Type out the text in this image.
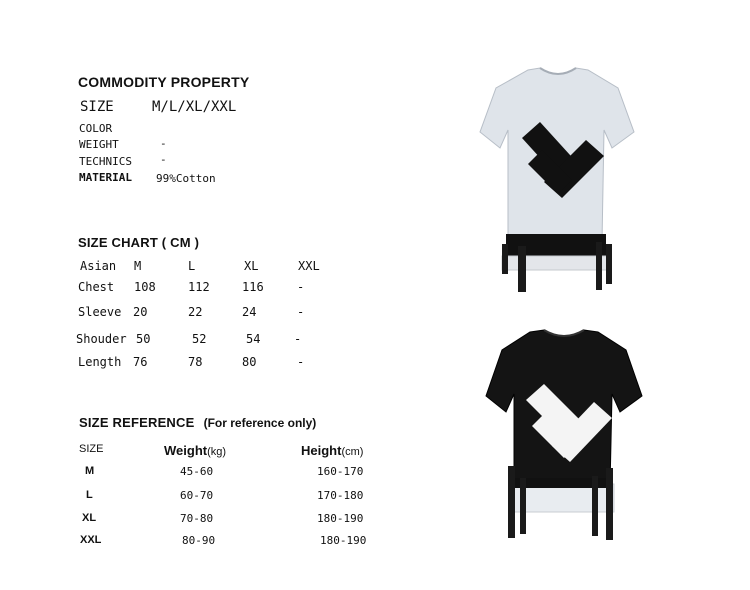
COMMODITY PROPERTY
SIZE	M/L/XL/XXL
COLOR
WEIGHT	-
TECHNICS	-
MATERIAL 99%Cotton
SIZE CHART ( CM )
Asian M	L	XL	XXL
Chest 108	112	116	-
Sleeve 20	22	24	-
Shouder 50	52	54	-
Length 76	78	80	-
SIZE REFERENCE (For reference only)
SIZE	Weight(kg)	Height(cm)
M	45-60	160-170
L	60-70	170-180
XL	70-80	180-190
XXL	80-90	180-190
